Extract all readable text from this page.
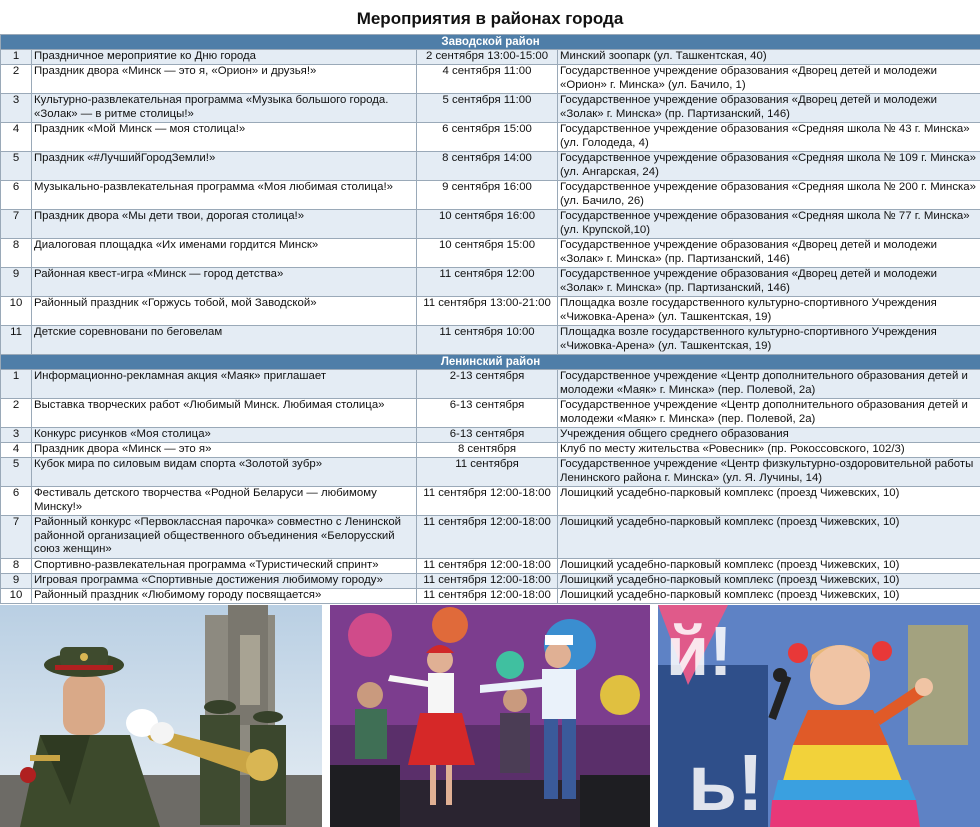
Мероприятия в районах города
Заводской район			
1	Праздничное мероприятие ко Дню города	2 сентября 13:00-15:00	Минский зоопарк (ул. Ташкентская, 40)
2	Праздник двора «Минск — это я, «Орион» и друзья!»	4 сентября 11:00	Государственное учреждение образования «Дворец детей и молодежи «Орион» г. Минска» (ул. Бачило, 1)
3	Культурно-развлекательная программа «Музыка большого города. «Золак» — в ритме столицы!»	5 сентября 11:00	Государственное учреждение образования «Дворец детей и молодежи «Золак» г. Минска» (пр. Партизанский, 146)
4	Праздник «Мой Минск — моя столица!»	6 сентября 15:00	Государственное учреждение образования «Средняя школа № 43 г. Минска» (ул. Голодеда, 4)
5	Праздник «#ЛучшийГородЗемли!»	8 сентября 14:00	Государственное учреждение образования «Средняя школа № 109 г. Минска» (ул. Ангарская, 24)
6	Музыкально-развлекательная программа «Моя любимая столица!»	9 сентября 16:00	Государственное учреждение образования «Средняя школа № 200 г. Минска» (ул. Бачило, 26)
7	Праздник двора «Мы дети твои, дорогая столица!»	10 сентября 16:00	Государственное учреждение образования «Средняя школа № 77 г. Минска» (ул. Крупской,10)
8	Диалоговая площадка «Их именами гордится Минск»	10 сентября 15:00	Государственное учреждение образования «Дворец детей и молодежи «Золак» г. Минска» (пр. Партизанский, 146)
9	Районная квест-игра «Минск — город детства»	11 сентября 12:00	Государственное учреждение образования «Дворец детей и молодежи «Золак» г. Минска» (пр. Партизанский, 146)
10	Районный праздник «Горжусь тобой, мой Заводской»	11 сентября 13:00-21:00	Площадка возле государственного культурно-спортивного Учреждения «Чижовка-Арена» (ул. Ташкентская, 19)
11	Детские соревновани по беговелам	11 сентября 10:00	Площадка возле государственного культурно-спортивного Учреждения «Чижовка-Арена» (ул. Ташкентская, 19)
Ленинский район			
1	Информационно-рекламная акция «Маяк» приглашает	2-13 сентября	Государственное учреждение «Центр дополнительного образования детей и молодежи «Маяк» г. Минска» (пер. Полевой, 2а)
2	Выставка творческих работ «Любимый Минск. Любимая столица»	6-13 сентября	Государственное учреждение «Центр дополнительного образования детей и молодежи «Маяк» г. Минска» (пер. Полевой, 2а)
3	Конкурс рисунков «Моя столица»	6-13 сентября	Учреждения общего среднего образования
4	Праздник двора «Минск — это я»	8 сентября	Клуб по месту жительства «Ровесник» (пр. Рокоссовского, 102/3)
5	Кубок мира по силовым видам спорта «Золотой зубр»	11 сентября	Государственное учреждение «Центр физкультурно-оздоровительной работы Ленинского района г. Минска» (ул. Я. Лучины, 14)
6	Фестиваль детского творчества «Родной Беларуси — любимому Минску!»	11 сентября 12:00-18:00	Лошицкий усадебно-парковый комплекс (проезд Чижевских, 10)
7	Районный конкурс «Первоклассная парочка» совместно с Ленинской районной организацией общественного объединения «Белорусский союз женщин»	11 сентября 12:00-18:00	Лошицкий усадебно-парковый комплекс (проезд Чижевских, 10)
8	Спортивно-развлекательная программа «Туристический спринт»	11 сентября 12:00-18:00	Лошицкий усадебно-парковый комплекс (проезд Чижевских, 10)
9	Игровая программа «Спортивные достижения любимому городу»	11 сентября 12:00-18:00	Лошицкий усадебно-парковый комплекс (проезд Чижевских, 10)
10	Районный праздник «Любимому городу посвящается»	11 сентября 12:00-18:00	Лошицкий усадебно-парковый комплекс (проезд Чижевских, 10)
й!
ь!
